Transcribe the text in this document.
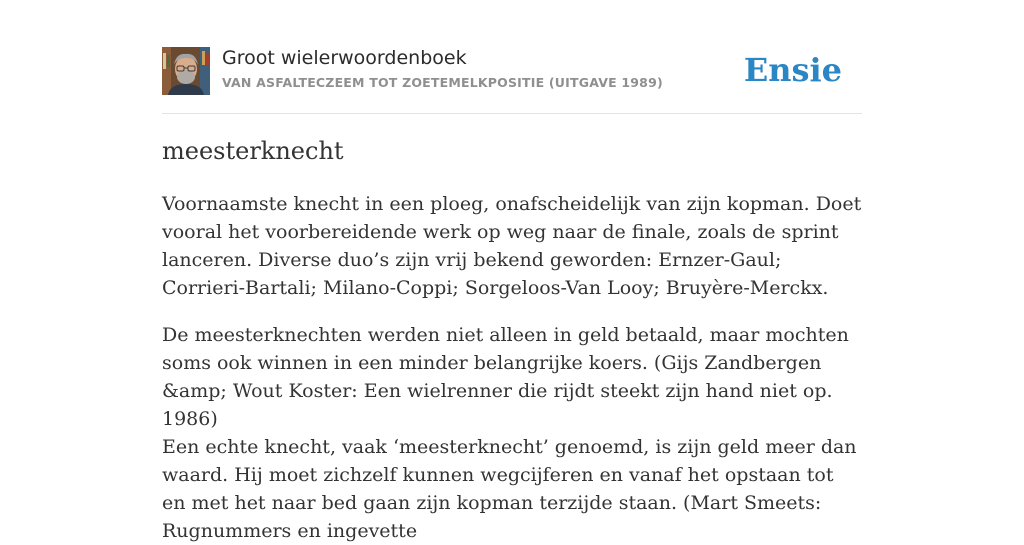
Groot wielerwoordenboek
VAN ASFALTECZEEM TOT ZOETEMELKPOSITIE (UITGAVE 1989)	Ensie
meesterknecht

Voornaamste knecht in een ploeg, onafscheidelijk van zijn kopman. Doet vooral het voorbereidende werk op weg naar de finale, zoals de sprint lanceren. Diverse duo’s zijn vrij bekend geworden: Ernzer-Gaul; Corrieri-Bartali; Milano-Coppi; Sorgeloos-Van Looy; Bruyère-Merckx.

De meesterknechten werden niet alleen in geld betaald, maar mochten soms ook winnen in een minder belangrijke koers. (Gijs Zandbergen &amp; Wout Koster: Een wielrenner die rijdt steekt zijn hand niet op. 1986)

Een echte knecht, vaak ‘meesterknecht’ genoemd, is zijn geld meer dan waard. Hij moet zichzelf kunnen wegcijferen en vanaf het opstaan tot en met het naar bed gaan zijn kopman terzijde staan. (Mart Smeets: Rugnummers en ingevette
